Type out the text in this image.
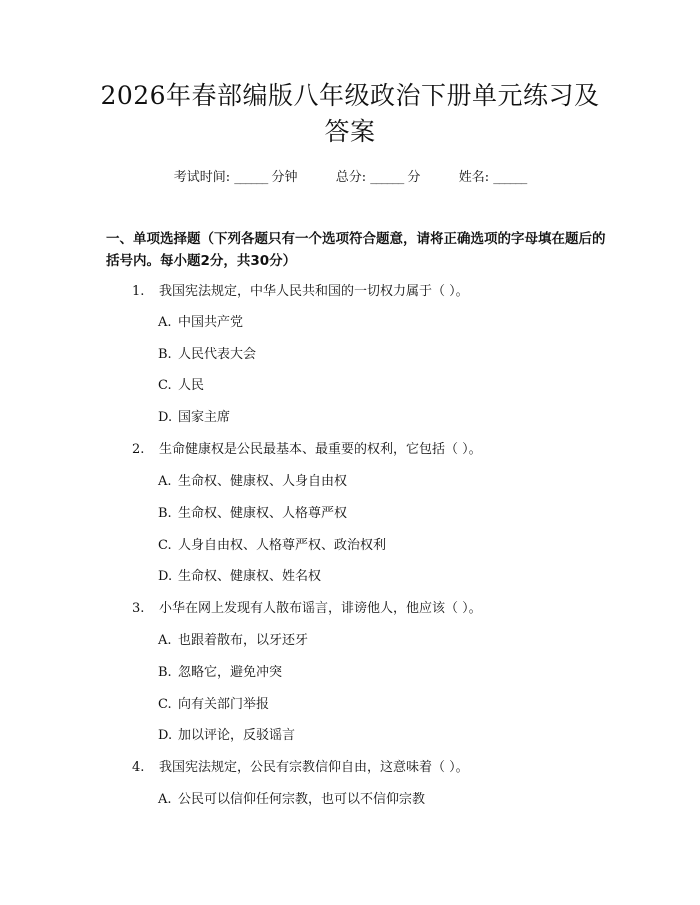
2026年春部编版八年级政治下册单元练习及
答案
考试时间: ______ 分钟	总分: ______ 分	姓名: ______
一、单项选择题（下列各题只有一个选项符合题意，请将正确选项的字母填在题后的括号内。每小题2分，共30分）
1. 我国宪法规定，中华人民共和国的一切权力属于（ ）。
A. 中国共产党
B. 人民代表大会
C. 人民
D. 国家主席
2. 生命健康权是公民最基本、最重要的权利，它包括（ ）。
A. 生命权、健康权、人身自由权
B. 生命权、健康权、人格尊严权
C. 人身自由权、人格尊严权、政治权利
D. 生命权、健康权、姓名权
3. 小华在网上发现有人散布谣言，诽谤他人，他应该（ ）。
A. 也跟着散布，以牙还牙
B. 忽略它，避免冲突
C. 向有关部门举报
D. 加以评论，反驳谣言
4. 我国宪法规定，公民有宗教信仰自由，这意味着（ ）。
A. 公民可以信仰任何宗教，也可以不信仰宗教
